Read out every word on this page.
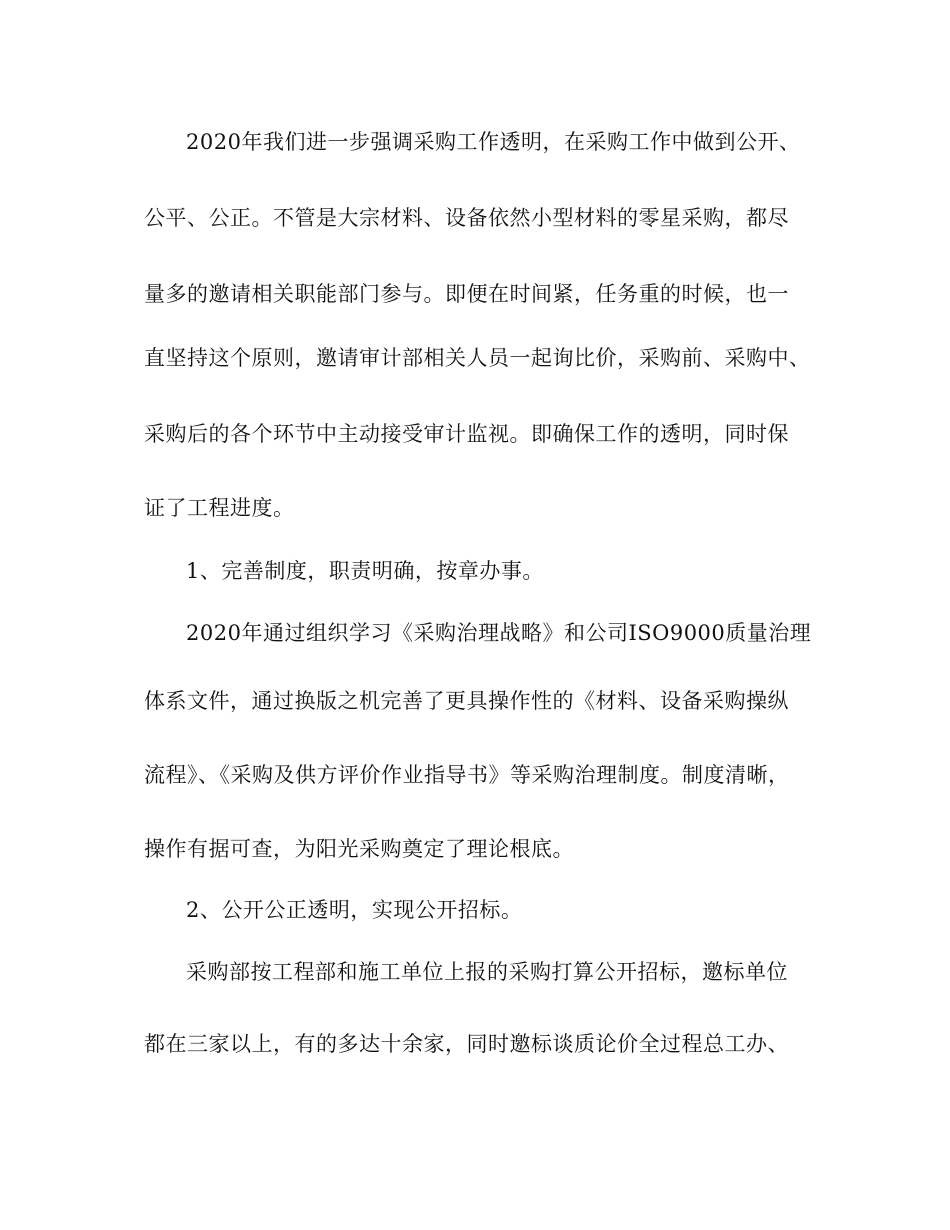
2020年我们进一步强调采购工作透明，在采购工作中做到公开、
公平、公正。不管是大宗材料、设备依然小型材料的零星采购，都尽
量多的邀请相关职能部门参与。即便在时间紧，任务重的时候，也一
直坚持这个原则，邀请审计部相关人员一起询比价，采购前、采购中、
采购后的各个环节中主动接受审计监视。即确保工作的透明，同时保
证了工程进度。
1、完善制度，职责明确，按章办事。
2020年通过组织学习《采购治理战略》和公司ISO9000质量治理
体系文件，通过换版之机完善了更具操作性的《材料、设备采购操纵
流程》、《采购及供方评价作业指导书》等采购治理制度。制度清晰，
操作有据可查，为阳光采购奠定了理论根底。
2、公开公正透明，实现公开招标。
采购部按工程部和施工单位上报的采购打算公开招标，邀标单位
都在三家以上，有的多达十余家，同时邀标谈质论价全过程总工办、
